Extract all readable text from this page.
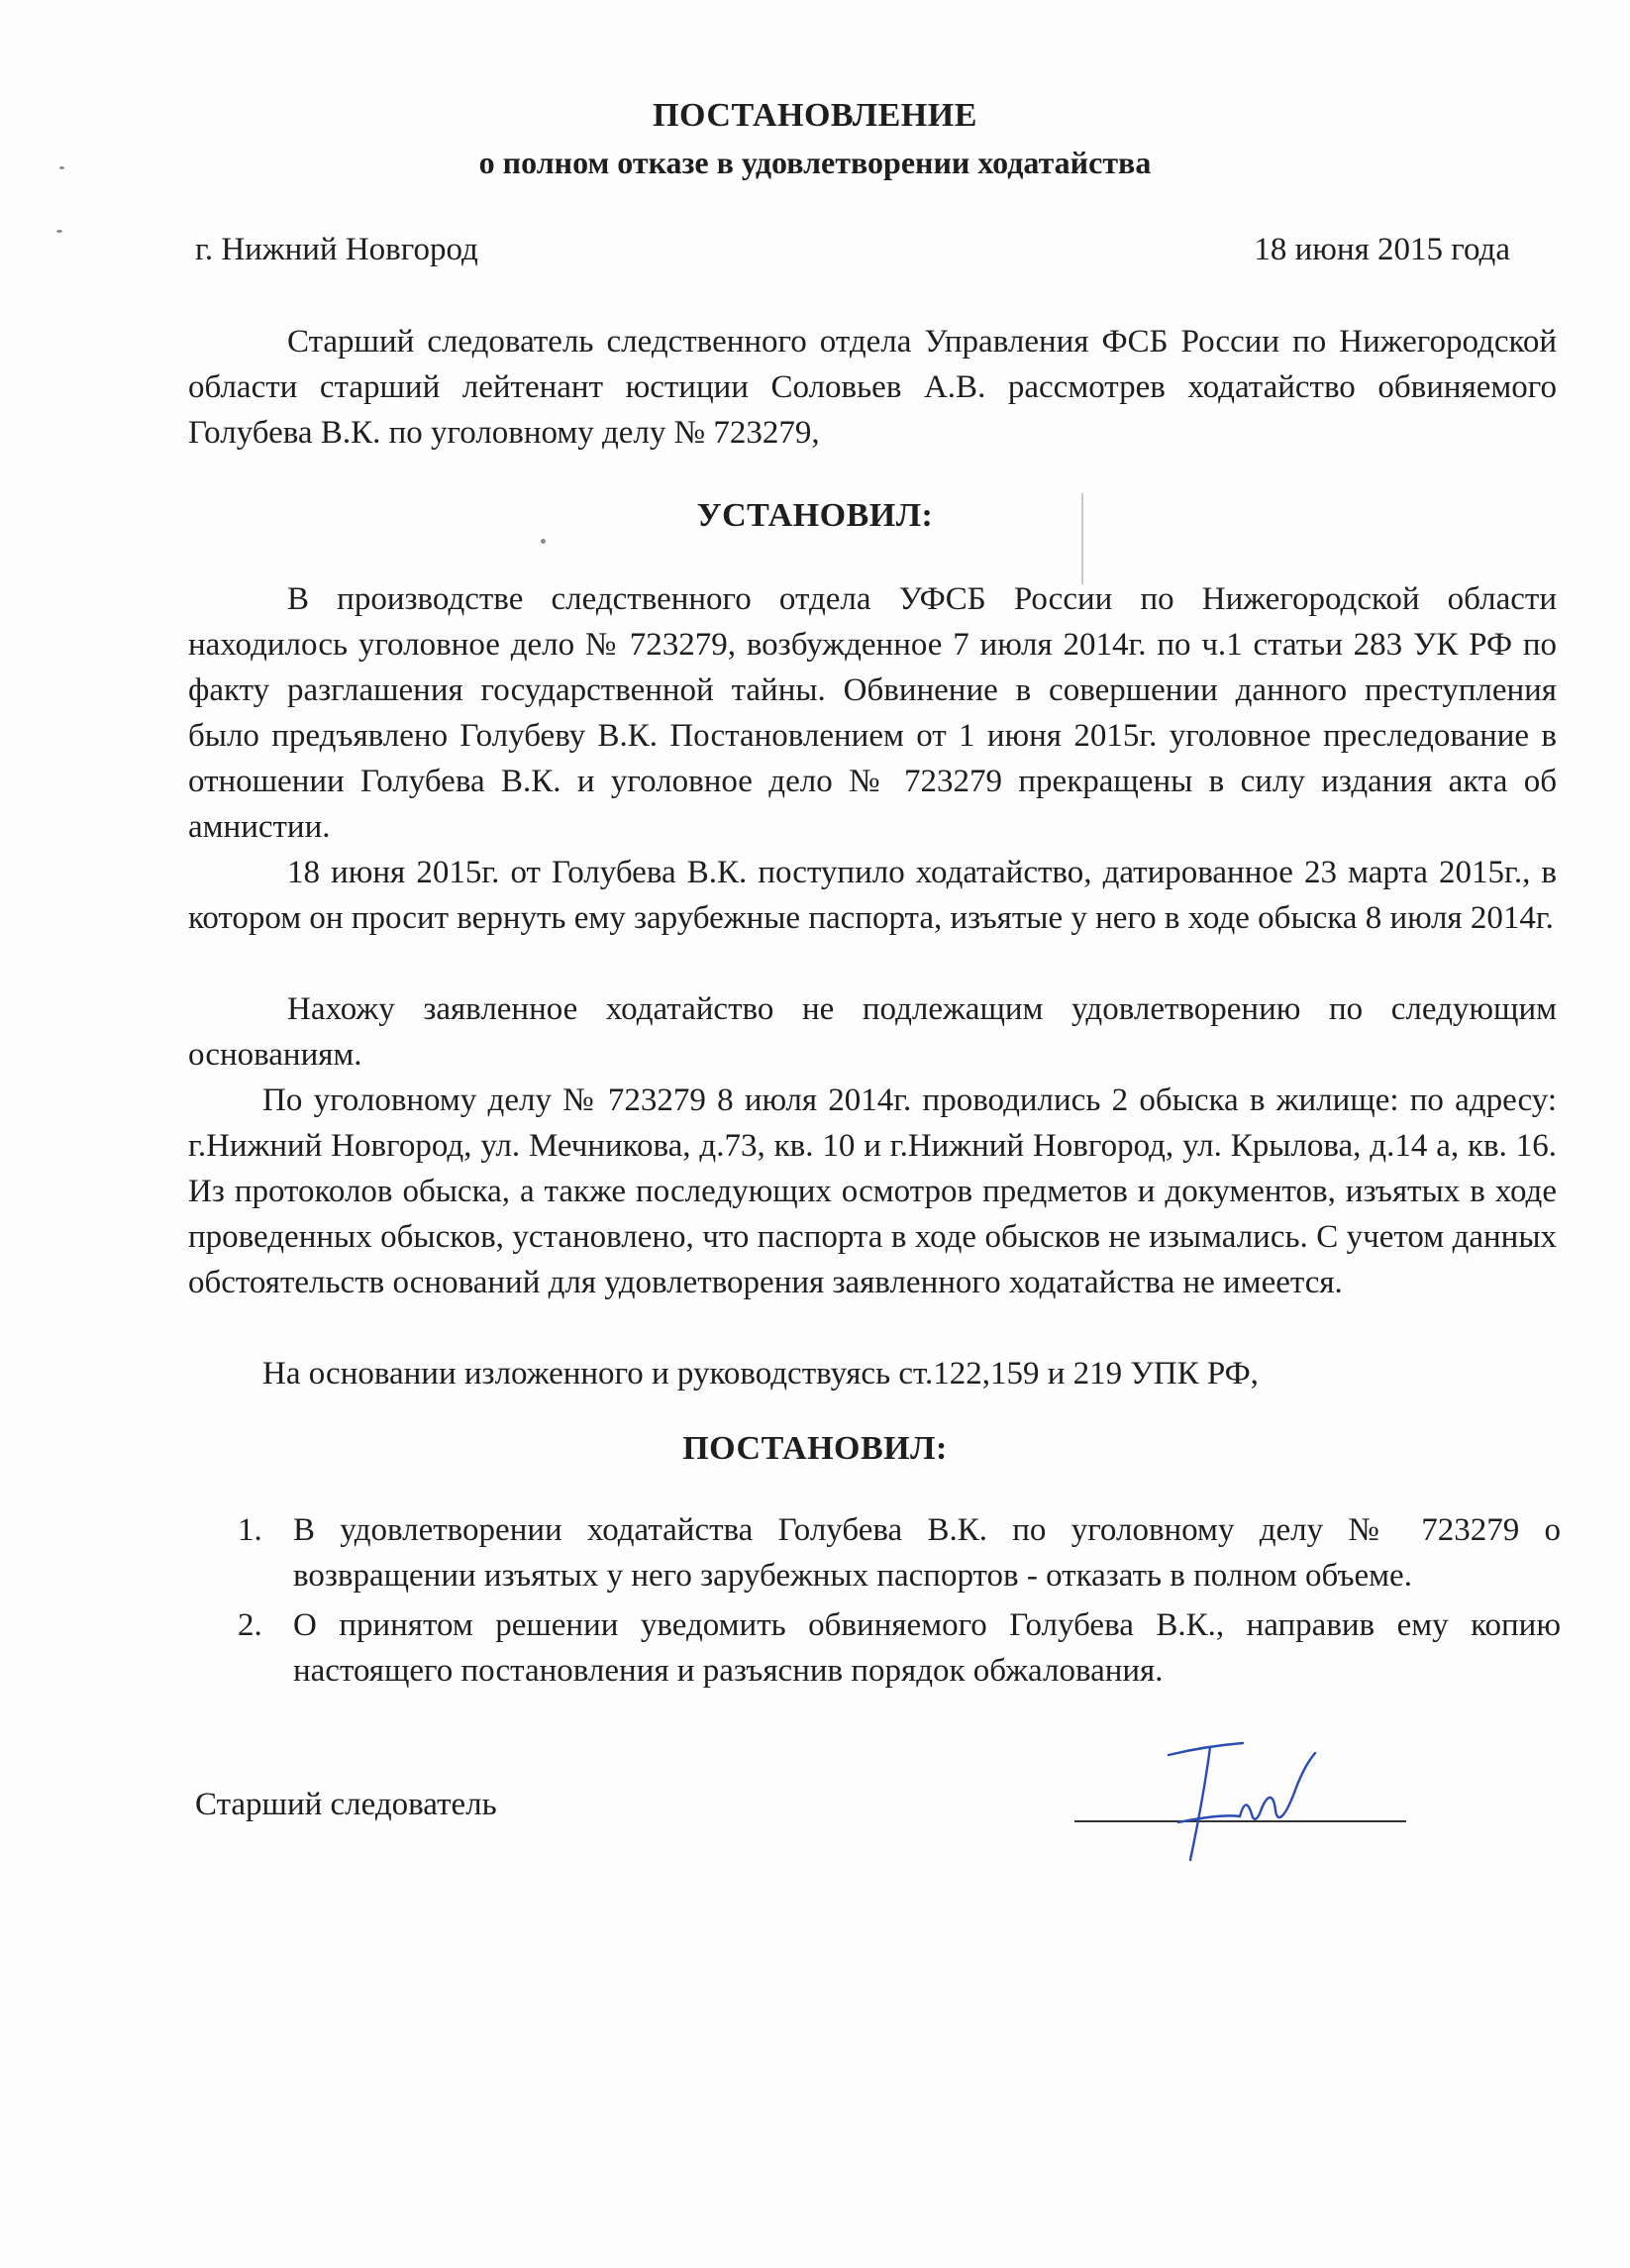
ПОСТАНОВЛЕНИЕ
о полном отказе в удовлетворении ходатайства
г. Нижний Новгород	18 июня 2015 года

Старший следователь следственного отдела Управления ФСБ России по Нижегородской области старший лейтенант юстиции Соловьев А.В. рассмотрев ходатайство обвиняемого Голубева В.К. по уголовному делу № 723279,

УСТАНОВИЛ:

В производстве следственного отдела УФСБ России по Нижегородской области находилось уголовное дело № 723279, возбужденное 7 июля 2014г. по ч.1 статьи 283 УК РФ по факту разглашения государственной тайны. Обвинение в совершении данного преступления было предъявлено Голубеву В.К. Постановлением от 1 июня 2015г. уголовное преследование в отношении Голубева В.К. и уголовное дело № 723279 прекращены в силу издания акта об амнистии.

18 июня 2015г. от Голубева В.К. поступило ходатайство, датированное 23 марта 2015г., в котором он просит вернуть ему зарубежные паспорта, изъятые у него в ходе обыска 8 июля 2014г.

Нахожу заявленное ходатайство не подлежащим удовлетворению по следующим основаниям.

По уголовному делу № 723279 8 июля 2014г. проводились 2 обыска в жилище: по адресу: г.Нижний Новгород, ул. Мечникова, д.73, кв. 10 и г.Нижний Новгород, ул. Крылова, д.14 а, кв. 16. Из протоколов обыска, а также последующих осмотров предметов и документов, изъятых в ходе проведенных обысков, установлено, что паспорта в ходе обысков не изымались. С учетом данных обстоятельств оснований для удовлетворения заявленного ходатайства не имеется.

На основании изложенного и руководствуясь ст.122,159 и 219 УПК РФ,

ПОСТАНОВИЛ:
1. В удовлетворении ходатайства Голубева В.К. по уголовному делу № 723279 о возвращении изъятых у него зарубежных паспортов - отказать в полном объеме.
2. О принятом решении уведомить обвиняемого Голубева В.К., направив ему копию настоящего постановления и разъяснив порядок обжалования.
Старший следователь
